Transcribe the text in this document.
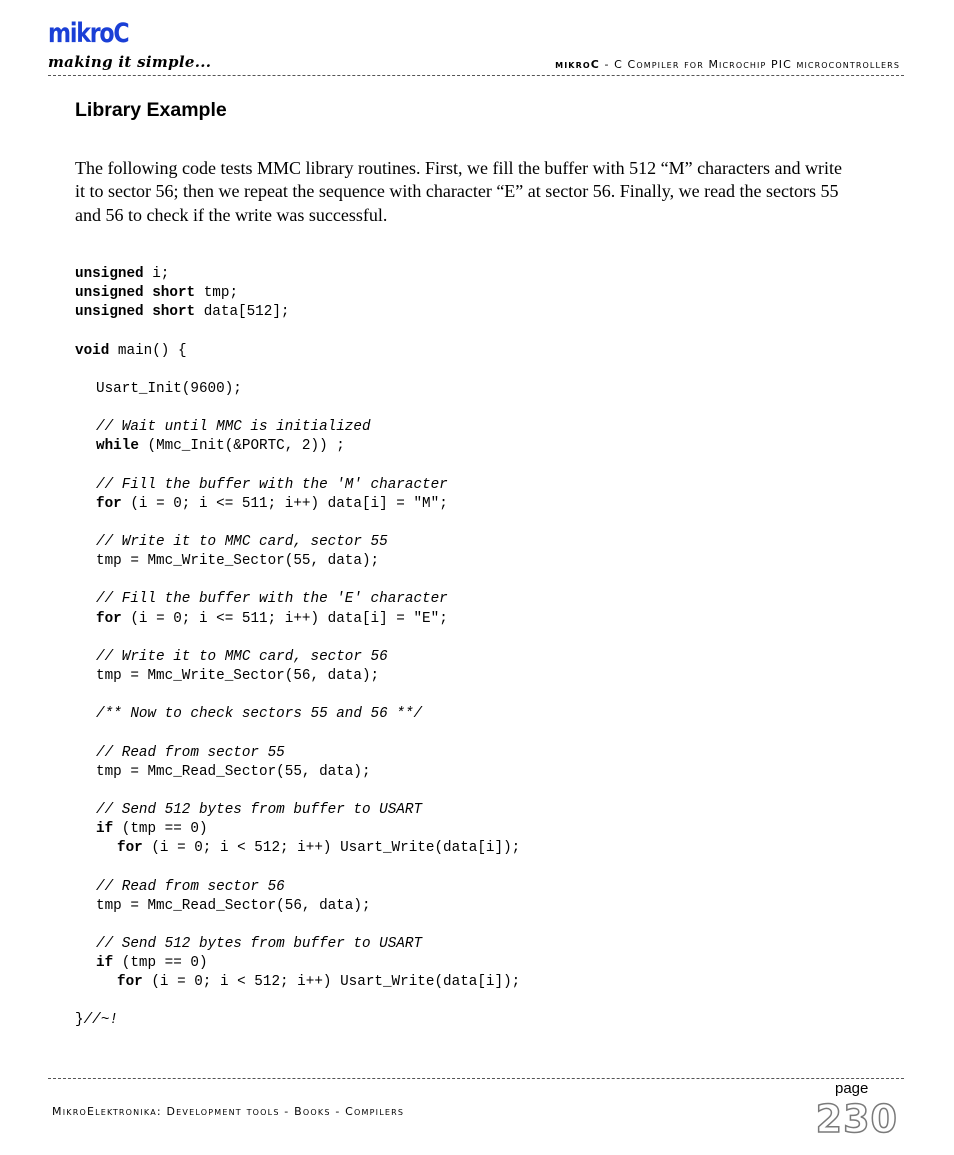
mikroC
making it simple...	mikroC - C Compiler for Microchip PIC microcontrollers
Library Example

The following code tests MMC library routines. First, we fill the buffer with 512 “M” characters and write it to sector 56; then we repeat the sequence with character “E” at sector 56. Finally, we read the sectors 55 and 56 to check if the write was successful.

unsigned i;
unsigned short tmp;
unsigned short data[512];
void main() {
Usart_Init(9600);
// Wait until MMC is initialized
while (Mmc_Init(&PORTC, 2)) ;
// Fill the buffer with the 'M' character
for (i = 0; i <= 511; i++) data[i] = "M";
// Write it to MMC card, sector 55
tmp = Mmc_Write_Sector(55, data);
// Fill the buffer with the 'E' character
for (i = 0; i <= 511; i++) data[i] = "E";
// Write it to MMC card, sector 56
tmp = Mmc_Write_Sector(56, data);
/** Now to check sectors 55 and 56 **/
// Read from sector 55
tmp = Mmc_Read_Sector(55, data);
// Send 512 bytes from buffer to USART
if (tmp == 0)
for (i = 0; i < 512; i++) Usart_Write(data[i]);
// Read from sector 56
tmp = Mmc_Read_Sector(56, data);
// Send 512 bytes from buffer to USART
if (tmp == 0)
for (i = 0; i < 512; i++) Usart_Write(data[i]);
}//~!
page
MikroElektronika: Development tools - Books - Compilers	230
